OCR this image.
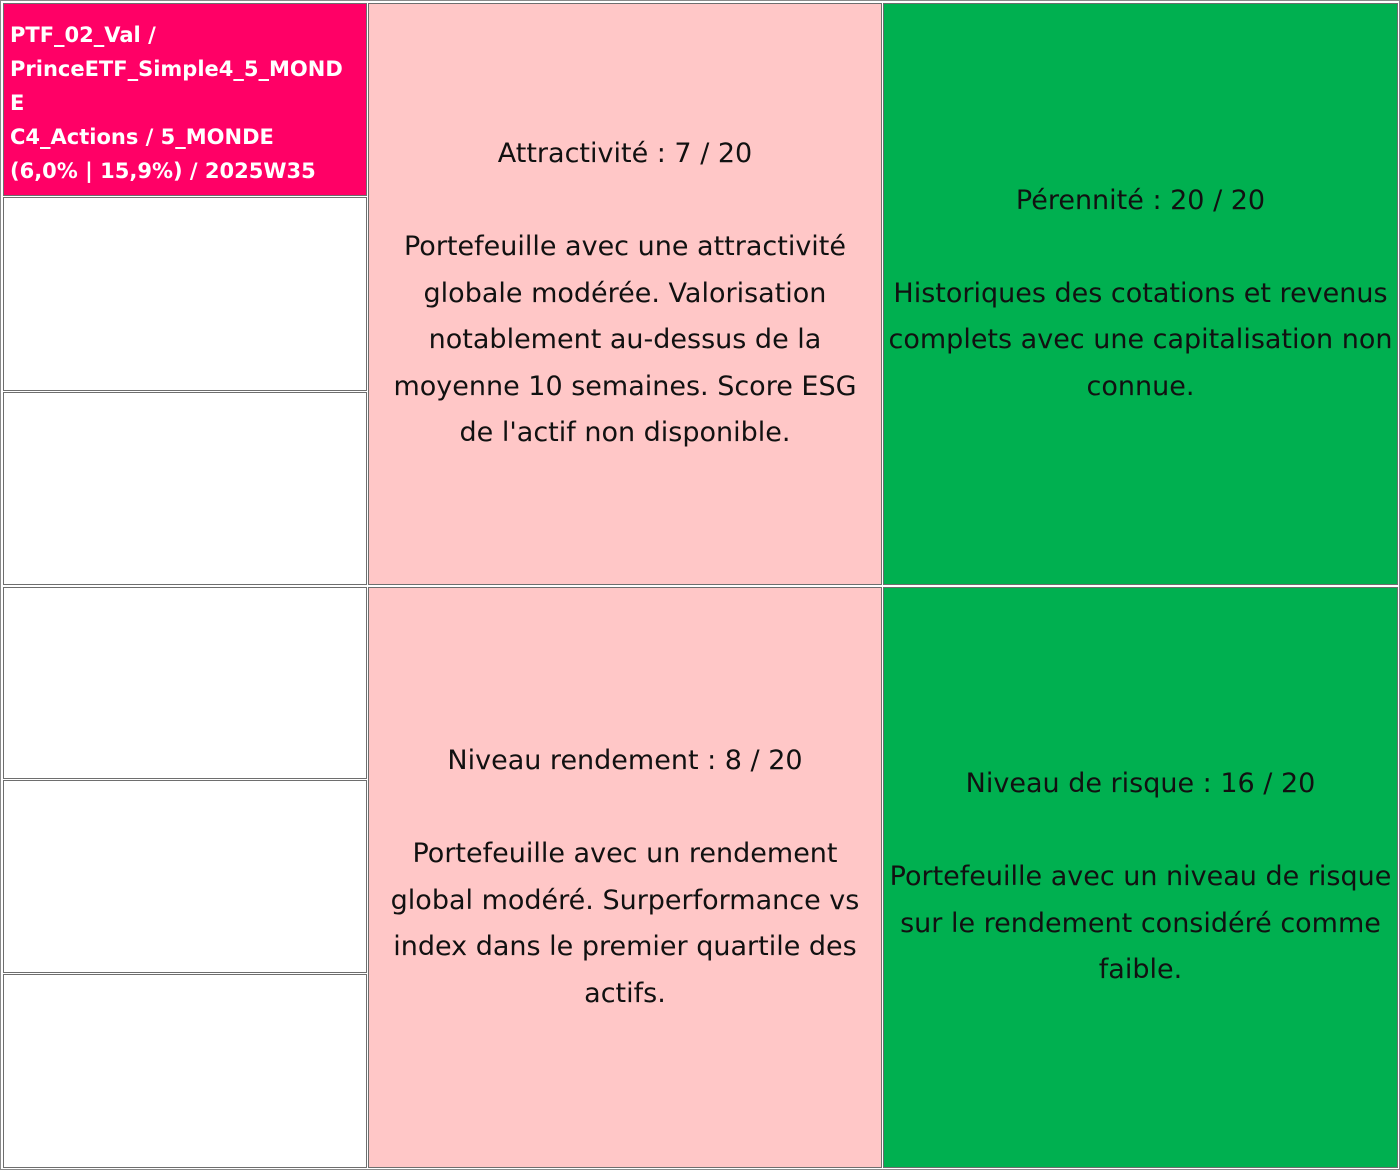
PTF_02_Val /
PrinceETF_Simple4_5_MOND
E
C4_Actions / 5_MONDE
(6,0% | 15,9%) / 2025W35

Attractivité : 7 / 20

Portefeuille avec une attractivité globale modérée. Valorisation notablement au-dessus de la moyenne 10 semaines. Score ESG de l'actif non disponible.

Pérennité : 20 / 20

Historiques des cotations et revenus complets avec une capitalisation non connue.

Niveau rendement : 8 / 20

Portefeuille avec un rendement global modéré. Surperformance vs index dans le premier quartile des actifs.

Niveau de risque : 16 / 20

Portefeuille avec un niveau de risque sur le rendement considéré comme faible.
